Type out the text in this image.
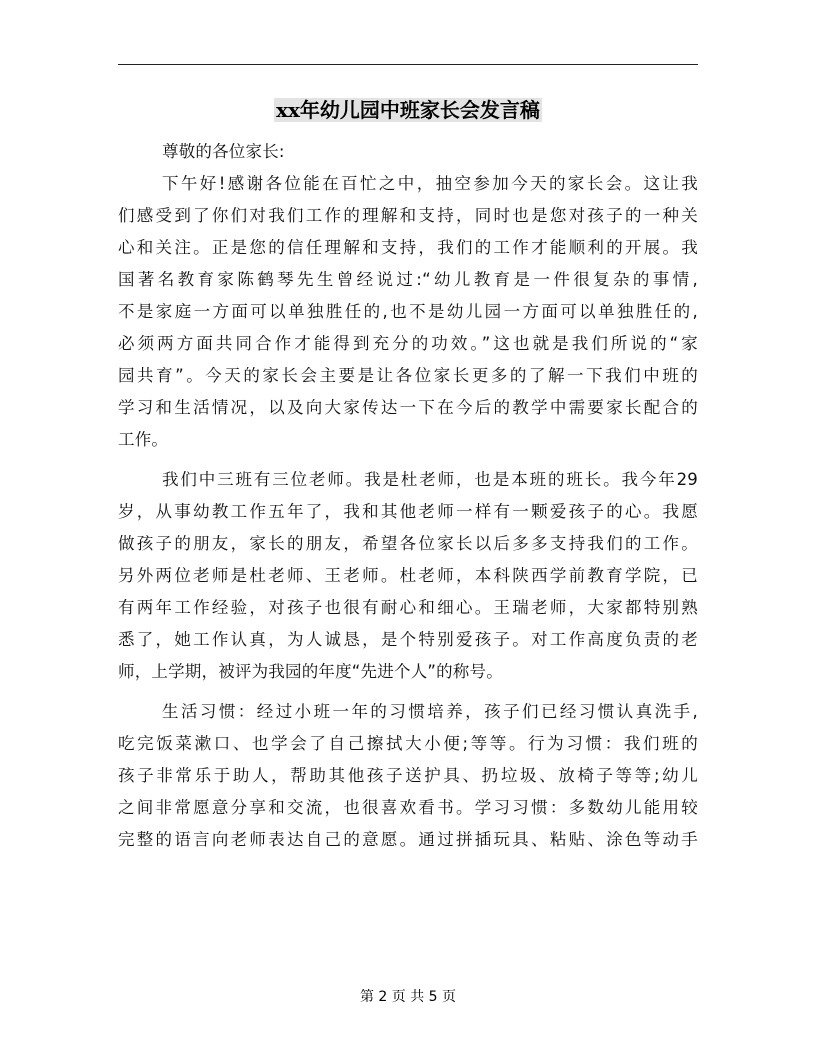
xx年幼儿园中班家长会发言稿
尊敬的各位家长:
下午好!感谢各位能在百忙之中，抽空参加今天的家长会。这让我
们感受到了你们对我们工作的理解和支持，同时也是您对孩子的一种关
心和关注。正是您的信任理解和支持，我们的工作才能顺利的开展。我
国著名教育家陈鹤琴先生曾经说过:“幼儿教育是一件很复杂的事情,
不是家庭一方面可以单独胜任的,也不是幼儿园一方面可以单独胜任的,
必须两方面共同合作才能得到充分的功效。”这也就是我们所说的“家
园共育”。今天的家长会主要是让各位家长更多的了解一下我们中班的
学习和生活情况，以及向大家传达一下在今后的教学中需要家长配合的
工作。
我们中三班有三位老师。我是杜老师，也是本班的班长。我今年29
岁，从事幼教工作五年了，我和其他老师一样有一颗爱孩子的心。我愿
做孩子的朋友，家长的朋友，希望各位家长以后多多支持我们的工作。
另外两位老师是杜老师、王老师。杜老师，本科陕西学前教育学院，已
有两年工作经验，对孩子也很有耐心和细心。王瑞老师，大家都特别熟
悉了，她工作认真，为人诚恳，是个特别爱孩子。对工作高度负责的老
师，上学期，被评为我园的年度“先进个人”的称号。
生活习惯：经过小班一年的习惯培养，孩子们已经习惯认真洗手,
吃完饭菜漱口、也学会了自己擦拭大小便;等等。行为习惯：我们班的
孩子非常乐于助人，帮助其他孩子送护具、扔垃圾、放椅子等等;幼儿
之间非常愿意分享和交流，也很喜欢看书。学习习惯：多数幼儿能用较
完整的语言向老师表达自己的意愿。通过拼插玩具、粘贴、涂色等动手
第 2 页 共 5 页
